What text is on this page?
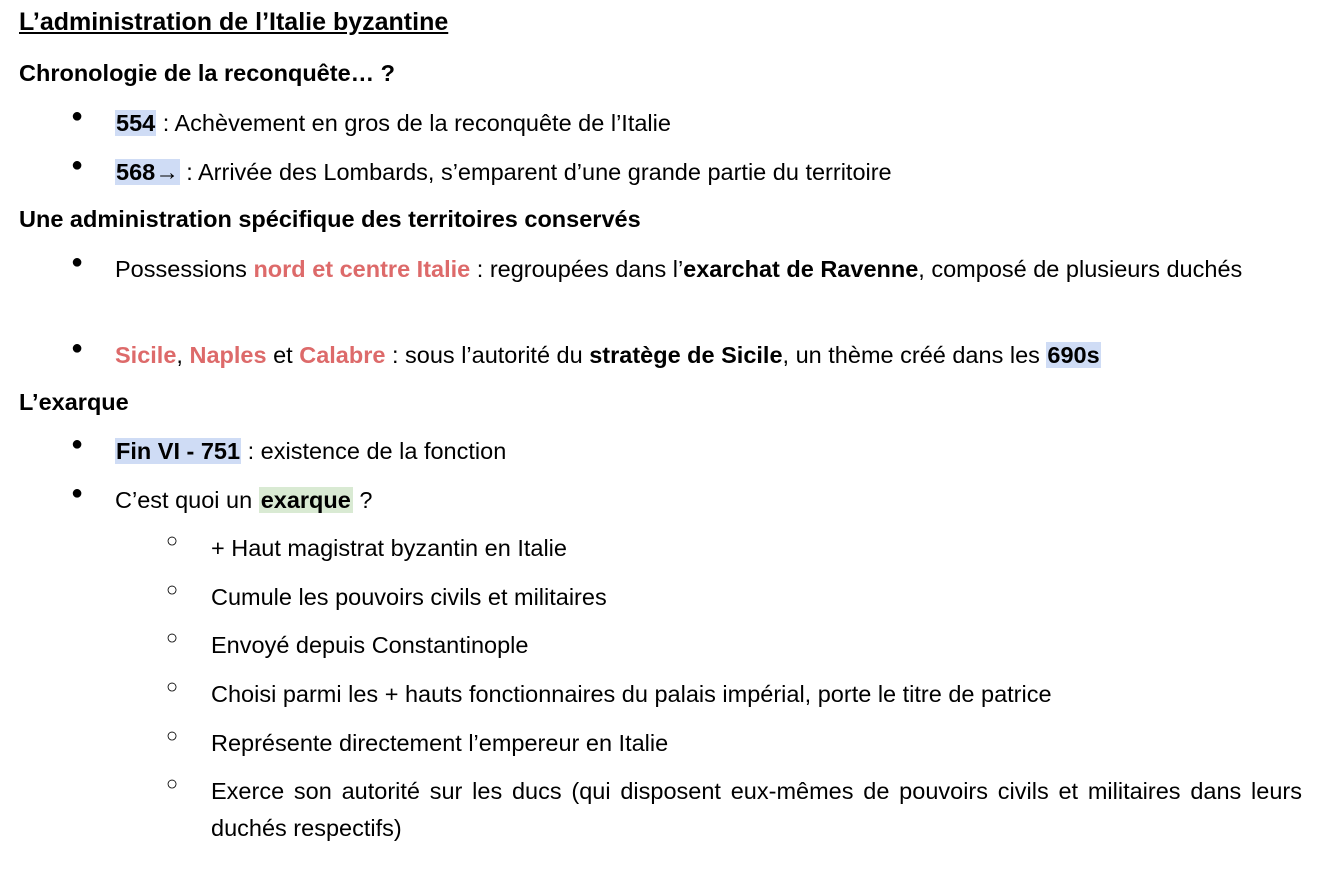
L’administration de l’Italie byzantine
Chronologie de la reconquête… ?
● 554 : Achèvement en gros de la reconquête de l’Italie
● 568→ : Arrivée des Lombards, s’emparent d’une grande partie du territoire
Une administration spécifique des territoires conservés
● Possessions nord et centre Italie : regroupées dans l’exarchat de Ravenne, composé de plusieurs duchés
● Sicile, Naples et Calabre : sous l’autorité du stratège de Sicile, un thème créé dans les 690s
L’exarque
● Fin VI - 751 : existence de la fonction
● C’est quoi un exarque ?
○ + Haut magistrat byzantin en Italie
○ Cumule les pouvoirs civils et militaires
○ Envoyé depuis Constantinople
○ Choisi parmi les + hauts fonctionnaires du palais impérial, porte le titre de patrice
○ Représente directement l’empereur en Italie
○ Exerce son autorité sur les ducs (qui disposent eux-mêmes de pouvoirs civils et militaires dans leurs duchés respectifs)
